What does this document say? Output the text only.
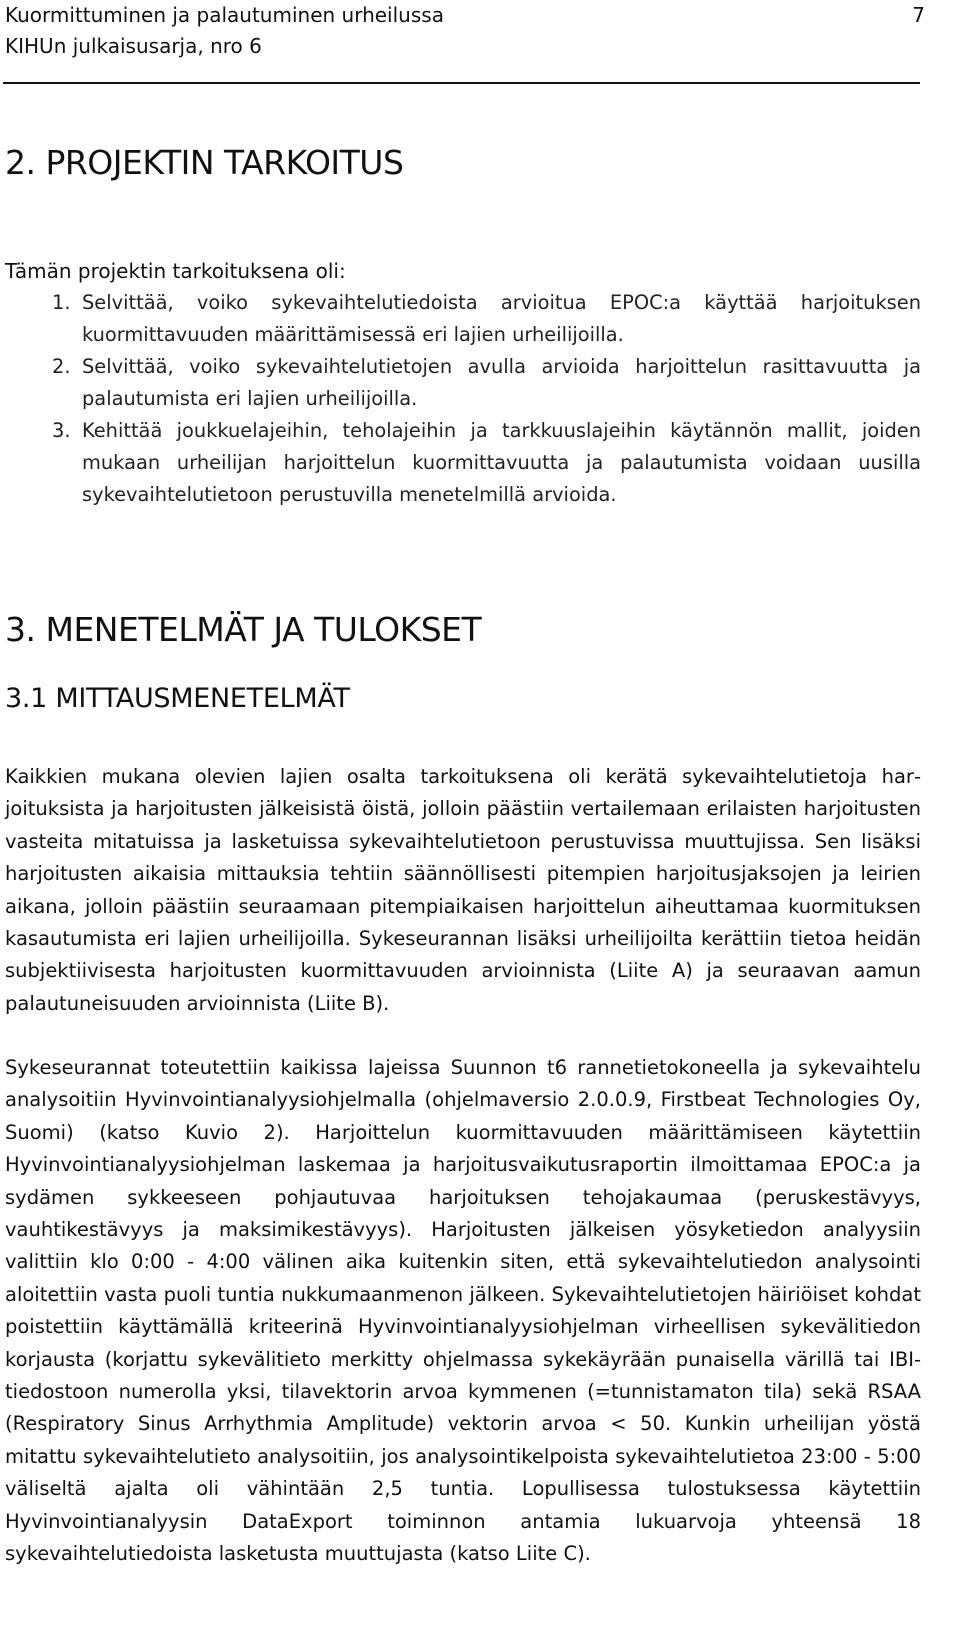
Kuormittuminen ja palautuminen urheilussa	7
KIHUn julkaisusarja, nro 6
2. PROJEKTIN TARKOITUS
Tämän projektin tarkoituksena oli:
1. Selvittää, voiko sykevaihtelutiedoista arvioitua EPOC:a käyttää harjoituksen kuormittavuuden määrittämisessä eri lajien urheilijoilla.
2. Selvittää, voiko sykevaihtelutietojen avulla arvioida harjoittelun rasittavuutta ja palautumista eri lajien urheilijoilla.
3. Kehittää joukkuelajeihin, teholajeihin ja tarkkuuslajeihin käytännön mallit, joiden mukaan urheilijan harjoittelun kuormittavuutta ja palautumista voidaan uusilla sykevaihtelutietoon perustuvilla menetelmillä arvioida.
3. MENETELMÄT JA TULOKSET
3.1 MITTAUSMENETELMÄT

Kaikkien mukana olevien lajien osalta tarkoituksena oli kerätä sykevaihtelutietoja harjoituksista ja harjoitusten jälkeisistä öistä, jolloin päästiin vertailemaan erilaisten harjoitusten vasteita mitatuissa ja lasketuissa sykevaihtelutietoon perustuvissa muuttujissa. Sen lisäksi harjoitusten aikaisia mittauksia tehtiin säännöllisesti pitempien harjoitusjaksojen ja leirien aikana, jolloin päästiin seuraamaan pitempiaikaisen harjoittelun aiheuttamaa kuormituksen kasautumista eri lajien urheilijoilla. Sykeseurannan lisäksi urheilijoilta kerättiin tietoa heidän subjektiivisesta harjoitusten kuormittavuuden arvioinnista (Liite A) ja seuraavan aamun palautuneisuuden arvioinnista (Liite B).

Sykeseurannat toteutettiin kaikissa lajeissa Suunnon t6 rannetietokoneella ja sykevaihtelu analysoitiin Hyvinvointianalyysiohjelmalla (ohjelmaversio 2.0.0.9, Firstbeat Technologies Oy, Suomi) (katso Kuvio 2). Harjoittelun kuormittavuuden määrittämiseen käytettiin Hyvinvointianalyysiohjelman laskemaa ja harjoitusvaikutusraportin ilmoittamaa EPOC:a ja sydämen sykkeeseen pohjautuvaa harjoituksen tehojakaumaa (peruskestävyys, vauhtikestävyys ja maksimikestävyys). Harjoitusten jälkeisen yösyketiedon analyysiin valittiin klo 0:00 - 4:00 välinen aika kuitenkin siten, että sykevaihtelutiedon analysointi aloitettiin vasta puoli tuntia nukkumaanmenon jälkeen. Sykevaihtelutietojen häiriöiset kohdat poistettiin käyttämällä kriteerinä Hyvinvointianalyysiohjelman virheellisen sykevälitiedon korjausta (korjattu sykevälitieto merkitty ohjelmassa sykekäyrään punaisella värillä tai IBI-tiedostoon numerolla yksi, tilavektorin arvoa kymmenen (=tunnistamaton tila) sekä RSAA (Respiratory Sinus Arrhythmia Amplitude) vektorin arvoa < 50. Kunkin urheilijan yöstä mitattu sykevaihtelutieto analysoitiin, jos analysointikelpoista sykevaihtelutietoa 23:00 - 5:00 väliseltä ajalta oli vähintään 2,5 tuntia. Lopullisessa tulostuksessa käytettiin Hyvinvointianalyysin DataExport toiminnon antamia lukuarvoja yhteensä 18 sykevaihtelutiedoista lasketusta muuttujasta (katso Liite C).
